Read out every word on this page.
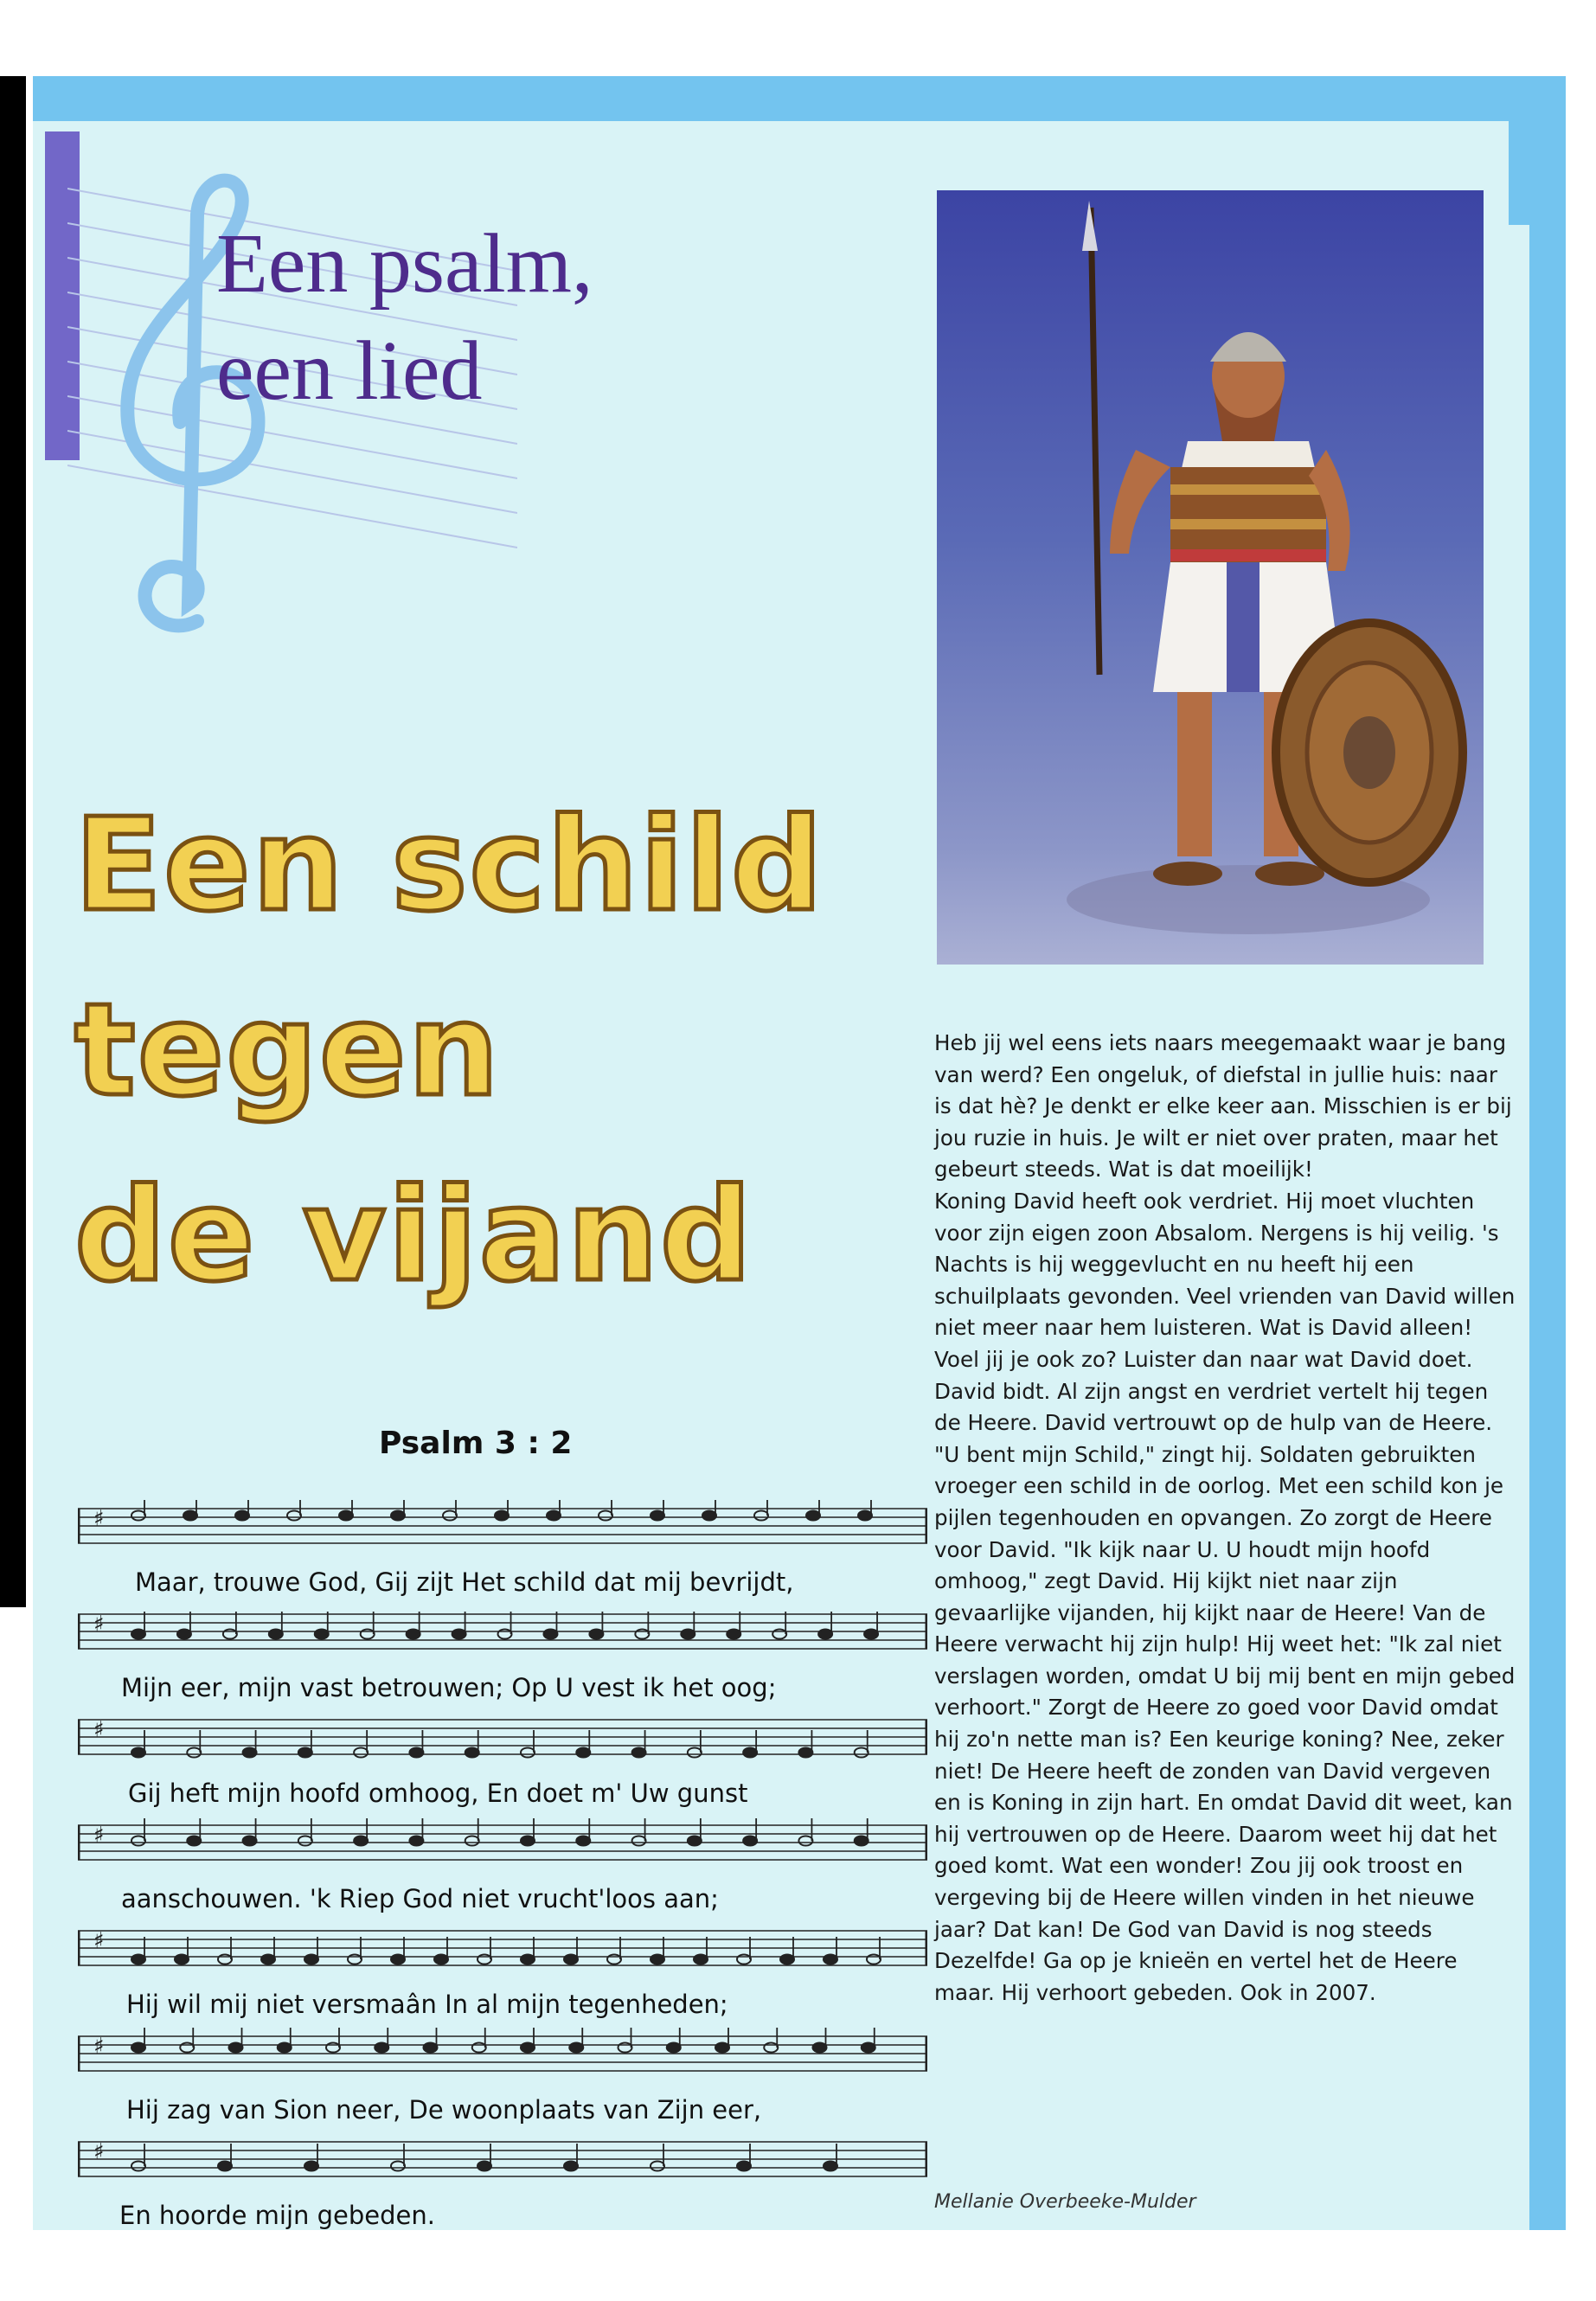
Een psalm,
een lied
Een schild
tegen
de vijand
Psalm 3 : 2
♯
Maar, trouwe God, Gij zijt Het schild dat mij bevrijdt,
♯
Mijn eer, mijn vast betrouwen; Op U vest ik het oog;
♯
Gij heft mijn hoofd omhoog, En doet m' Uw gunst
♯
aanschouwen. 'k Riep God niet vrucht'loos aan;
♯
Hij wil mij niet versmaân In al mijn tegenheden;
♯
Hij zag van Sion neer, De woonplaats van Zijn eer,
♯
En hoorde mijn gebeden.

Heb jij wel eens iets naars meegemaakt waar je bang van werd? Een ongeluk, of diefstal in jullie huis: naar is dat hè? Je denkt er elke keer aan. Misschien is er bij jou ruzie in huis. Je wilt er niet over praten, maar het gebeurt steeds. Wat is dat moeilijk!

Koning David heeft ook verdriet. Hij moet vluchten voor zijn eigen zoon Absalom. Nergens is hij veilig. 's Nachts is hij weggevlucht en nu heeft hij een schuilplaats gevonden. Veel vrienden van David willen niet meer naar hem luisteren. Wat is David alleen! Voel jij je ook zo? Luister dan naar wat David doet. David bidt. Al zijn angst en verdriet vertelt hij tegen de Heere. David vertrouwt op de hulp van de Heere. "U bent mijn Schild," zingt hij. Soldaten gebruikten vroeger een schild in de oorlog. Met een schild kon je pijlen tegenhouden en opvangen. Zo zorgt de Heere voor David. "Ik kijk naar U. U houdt mijn hoofd omhoog," zegt David. Hij kijkt niet naar zijn gevaarlijke vijanden, hij kijkt naar de Heere! Van de Heere verwacht hij zijn hulp! Hij weet het: "Ik zal niet verslagen worden, omdat U bij mij bent en mijn gebed verhoort." Zorgt de Heere zo goed voor David omdat hij zo'n nette man is? Een keurige koning? Nee, zeker niet! De Heere heeft de zonden van David vergeven en is Koning in zijn hart. En omdat David dit weet, kan hij vertrouwen op de Heere. Daarom weet hij dat het goed komt. Wat een wonder! Zou jij ook troost en vergeving bij de Heere willen vinden in het nieuwe jaar? Dat kan! De God van David is nog steeds Dezelfde! Ga op je knieën en vertel het de Heere maar. Hij verhoort gebeden. Ook in 2007.

Mellanie Overbeeke-Mulder
